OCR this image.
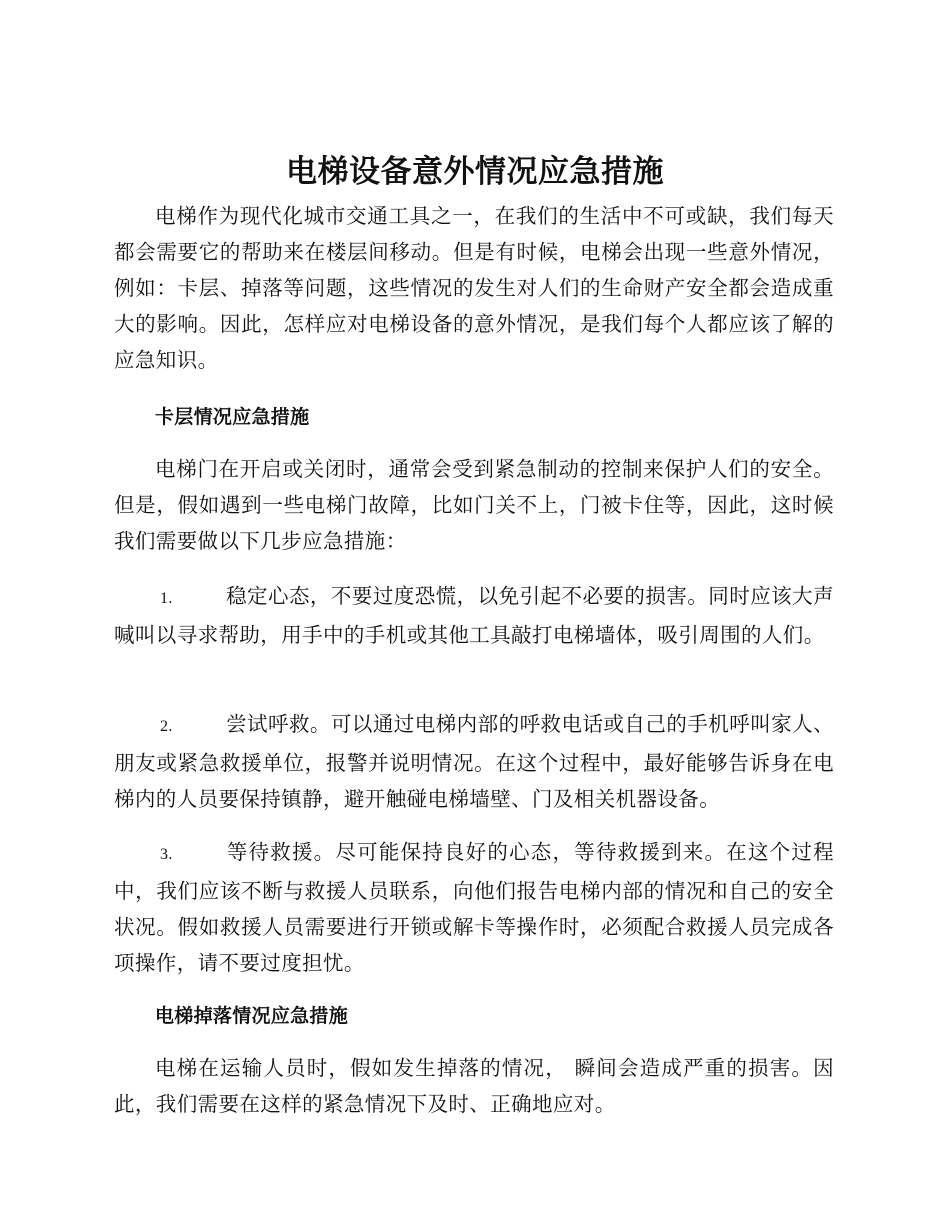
电梯设备意外情况应急措施

电梯作为现代化城市交通工具之一，在我们的生活中不可或缺，我们每天都会需要它的帮助来在楼层间移动。但是有时候，电梯会出现一些意外情况，例如：卡层、掉落等问题，这些情况的发生对人们的生命财产安全都会造成重大的影响。因此，怎样应对电梯设备的意外情况，是我们每个人都应该了解的应急知识。

卡层情况应急措施

电梯门在开启或关闭时，通常会受到紧急制动的控制来保护人们的安全。但是，假如遇到一些电梯门故障，比如门关不上，门被卡住等，因此，这时候我们需要做以下几步应急措施：

1.	稳定心态，不要过度恐慌，以免引起不必要的损害。同时应该大声喊叫以寻求帮助，用手中的手机或其他工具敲打电梯墙体，吸引周围的人们。

2.	尝试呼救。可以通过电梯内部的呼救电话或自己的手机呼叫家人、朋友或紧急救援单位，报警并说明情况。在这个过程中，最好能够告诉身在电梯内的人员要保持镇静，避开触碰电梯墙壁、门及相关机器设备。

3.	等待救援。尽可能保持良好的心态，等待救援到来。在这个过程中，我们应该不断与救援人员联系，向他们报告电梯内部的情况和自己的安全状况。假如救援人员需要进行开锁或解卡等操作时，必须配合救援人员完成各项操作，请不要过度担忧。

电梯掉落情况应急措施

电梯在运输人员时，假如发生掉落的情况， 瞬间会造成严重的损害。因此，我们需要在这样的紧急情况下及时、正确地应对。
